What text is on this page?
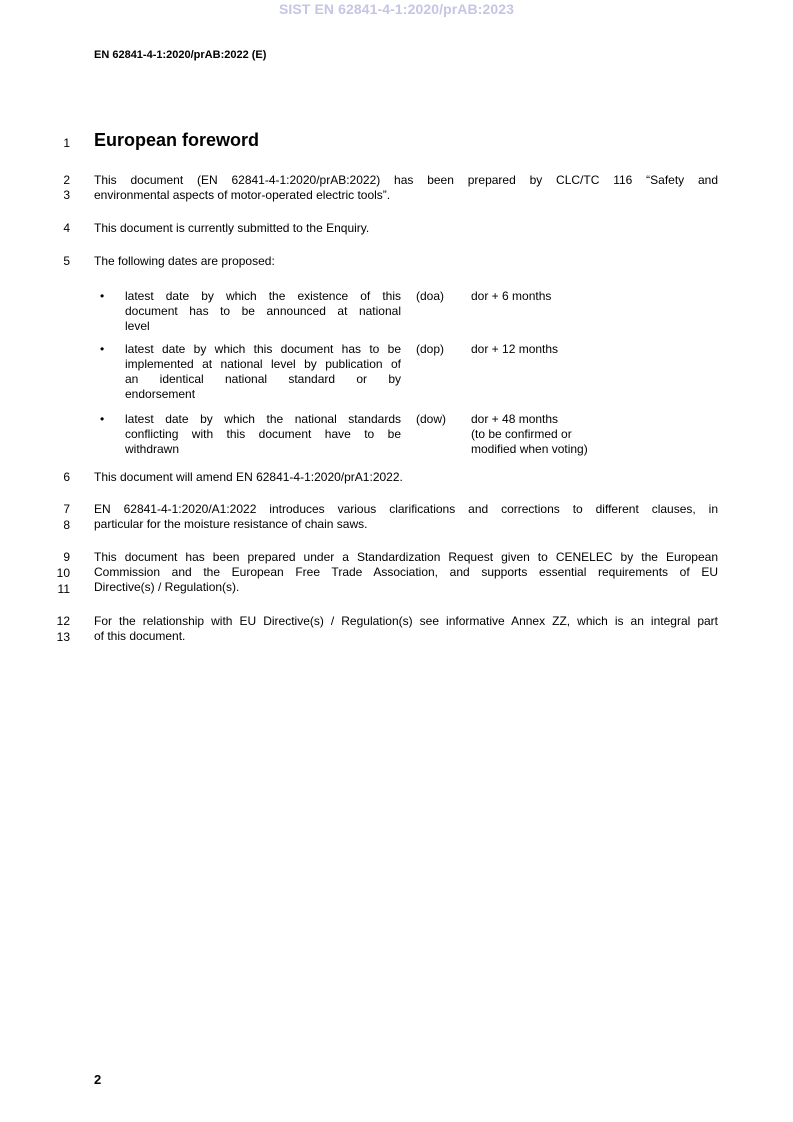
SIST EN 62841-4-1:2020/prAB:2023
EN 62841-4-1:2020/prAB:2022 (E)
1
2
3
4
5
6
7
8
9
10
11
12
13
European foreword
This document (EN 62841-4-1:2020/prAB:2022) has been prepared by CLC/TC 116 “Safety and
environmental aspects of motor-operated electric tools”.
This document is currently submitted to the Enquiry.
The following dates are proposed:
• latest date by which the existence of this
document has to be announced at national
level
(doa) dor + 6 months
• latest date by which this document has to be
implemented at national level by publication of
an identical national standard or by
endorsement
(dop) dor + 12 months
• latest date by which the national standards
conflicting with this document have to be
withdrawn
(dow) dor + 48 months
(to be confirmed or
modified when voting)
This document will amend EN 62841-4-1:2020/prA1:2022.
EN 62841-4-1:2020/A1:2022 introduces various clarifications and corrections to different clauses, in
particular for the moisture resistance of chain saws.
This document has been prepared under a Standardization Request given to CENELEC by the European
Commission and the European Free Trade Association, and supports essential requirements of EU
Directive(s) / Regulation(s).
For the relationship with EU Directive(s) / Regulation(s) see informative Annex ZZ, which is an integral part
of this document.
2
